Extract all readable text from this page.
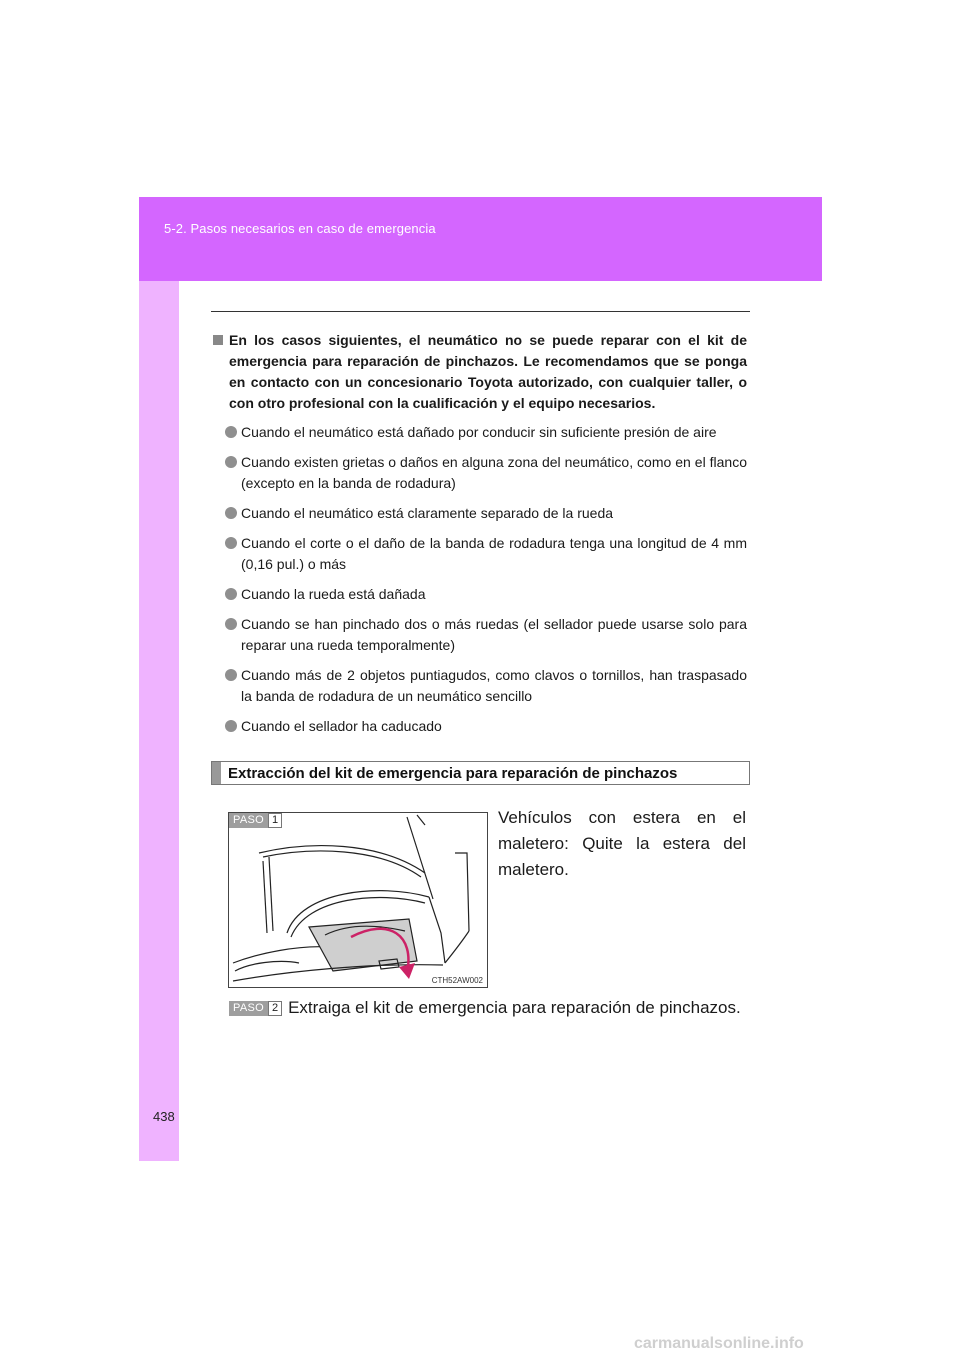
5-2. Pasos necesarios en caso de emergencia
438
En los casos siguientes, el neumático no se puede reparar con el kit de emergencia para reparación de pinchazos. Le recomendamos que se ponga en contacto con un concesionario Toyota autorizado, con cualquier taller, o con otro profesional con la cualificación y el equipo necesarios.
Cuando el neumático está dañado por conducir sin suficiente presión de aire
Cuando existen grietas o daños en alguna zona del neumático, como en el flanco (excepto en la banda de rodadura)
Cuando el neumático está claramente separado de la rueda
Cuando el corte o el daño de la banda de rodadura tenga una longitud de 4 mm (0,16 pul.) o más
Cuando la rueda está dañada
Cuando se han pinchado dos o más ruedas (el sellador puede usarse solo para reparar una rueda temporalmente)
Cuando más de 2 objetos puntiagudos, como clavos o tornillos, han traspasado la banda de rodadura de un neumático sencillo
Cuando el sellador ha caducado
Extracción del kit de emergencia para reparación de pinchazos
PASO 1
CTH52AW002
Vehículos con estera en el maletero: Quite la estera del maletero.
PASO 2 Extraiga el kit de emergencia para reparación de pinchazos.
carmanualsonline.info
